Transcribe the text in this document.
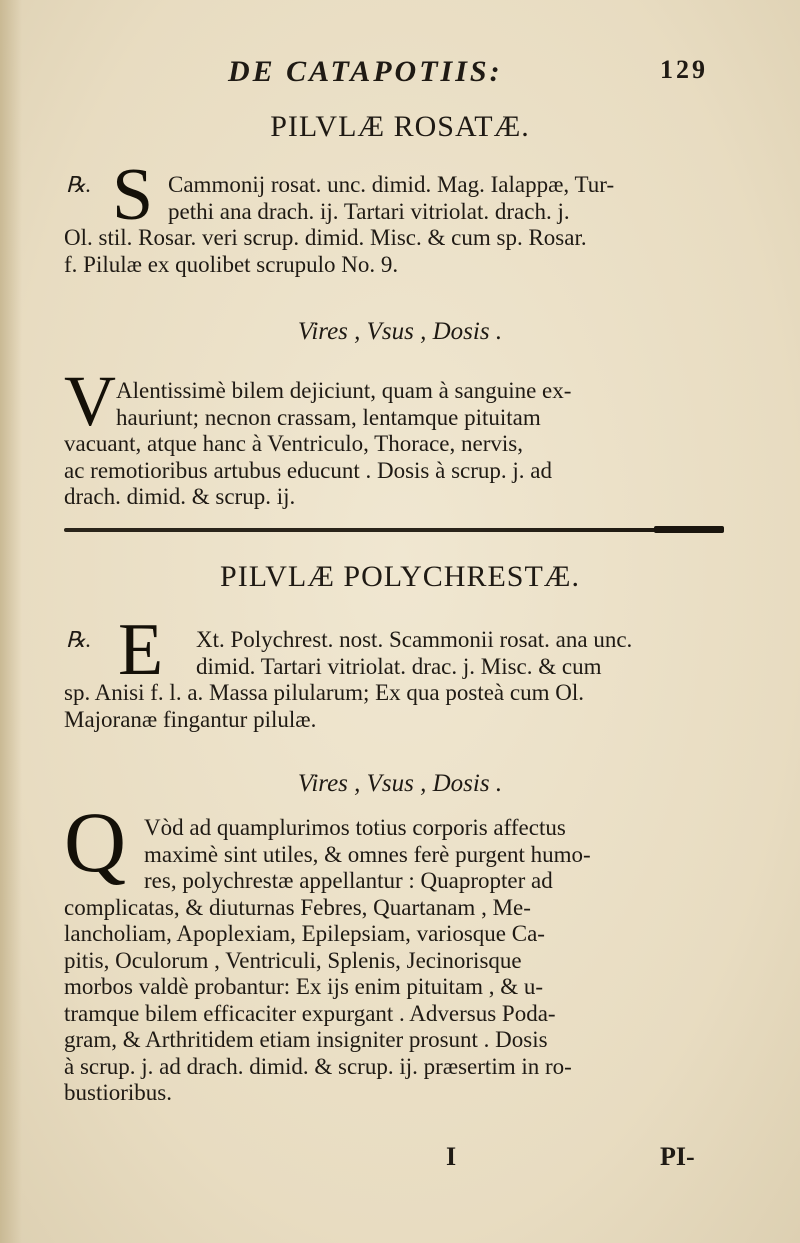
DE CATAPOTIIS:	129
PILVLÆ ROSATÆ.
℞. S Cammonij rosat. unc. dimid. Mag. Ialappæ, Tur-
pethi ana drach. ij. Tartari vitriolat. drach. j.
Ol. stil. Rosar. veri scrup. dimid. Misc. & cum sp. Rosar.
f. Pilulæ ex quolibet scrupulo No. 9.
Vires , Vsus , Dosis .
V Alentissimè bilem dejiciunt, quam à sanguine ex-
hauriunt; necnon crassam, lentamque pituitam
vacuant, atque hanc à Ventriculo, Thorace, nervis,
ac remotioribus artubus educunt . Dosis à scrup. j. ad
drach. dimid. & scrup. ij.
PILVLÆ POLYCHRESTÆ.
℞. E	Xt. Polychrest. nost. Scammonii rosat. ana unc.
dimid. Tartari vitriolat. drac. j. Misc. & cum
sp. Anisi f. l. a. Massa pilularum; Ex qua posteà cum Ol.
Majoranæ fingantur pilulæ.
Vires , Vsus , Dosis .
Q Vòd ad quamplurimos totius corporis affectus
maximè sint utiles, & omnes ferè purgent humo-
res, polychrestæ appellantur : Quapropter ad
complicatas, & diuturnas Febres, Quartanam , Me-
lancholiam, Apoplexiam, Epilepsiam, variosque Ca-
pitis, Oculorum , Ventriculi, Splenis, Jecinorisque
morbos valdè probantur: Ex ijs enim pituitam , & u-
tramque bilem efficaciter expurgant . Adversus Poda-
gram, & Arthritidem etiam insigniter prosunt . Dosis
à scrup. j. ad drach. dimid. & scrup. ij. præsertim in ro-
bustioribus.
I	PI-
